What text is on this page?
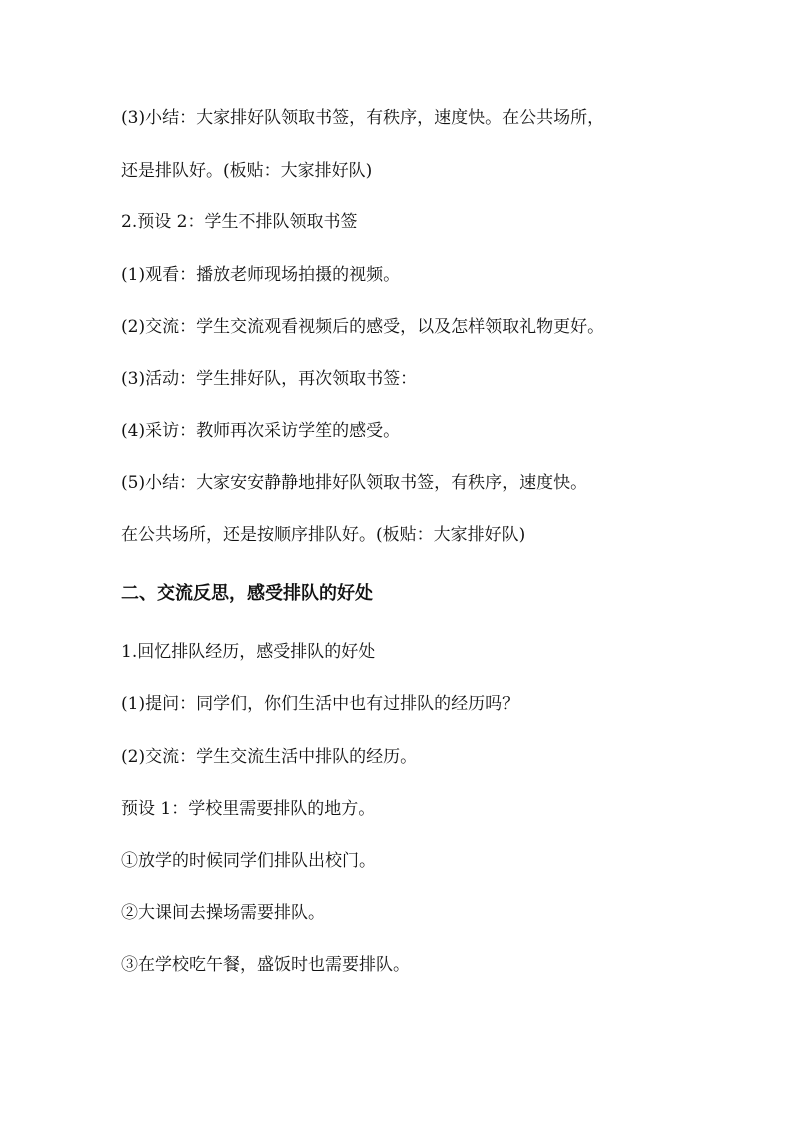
(3)小结：大家排好队领取书签，有秩序，速度快。在公共场所，
还是排队好。(板贴：大家排好队)
2.预设 2：学生不排队领取书签
(1)观看：播放老师现场拍摄的视频。
(2)交流：学生交流观看视频后的感受，以及怎样领取礼物更好。
(3)活动：学生排好队，再次领取书签：
(4)采访：教师再次采访学笙的感受。
(5)小结：大家安安静静地排好队领取书签，有秩序，速度快。
在公共场所，还是按顺序排队好。(板贴：大家排好队)
二、交流反思，感受排队的好处
1.回忆排队经历，感受排队的好处
(1)提问：同学们，你们生活中也有过排队的经历吗？
(2)交流：学生交流生活中排队的经历。
预设 1：学校里需要排队的地方。
①放学的时候同学们排队出校门。
②大课间去操场需要排队。
③在学校吃午餐，盛饭时也需要排队。
